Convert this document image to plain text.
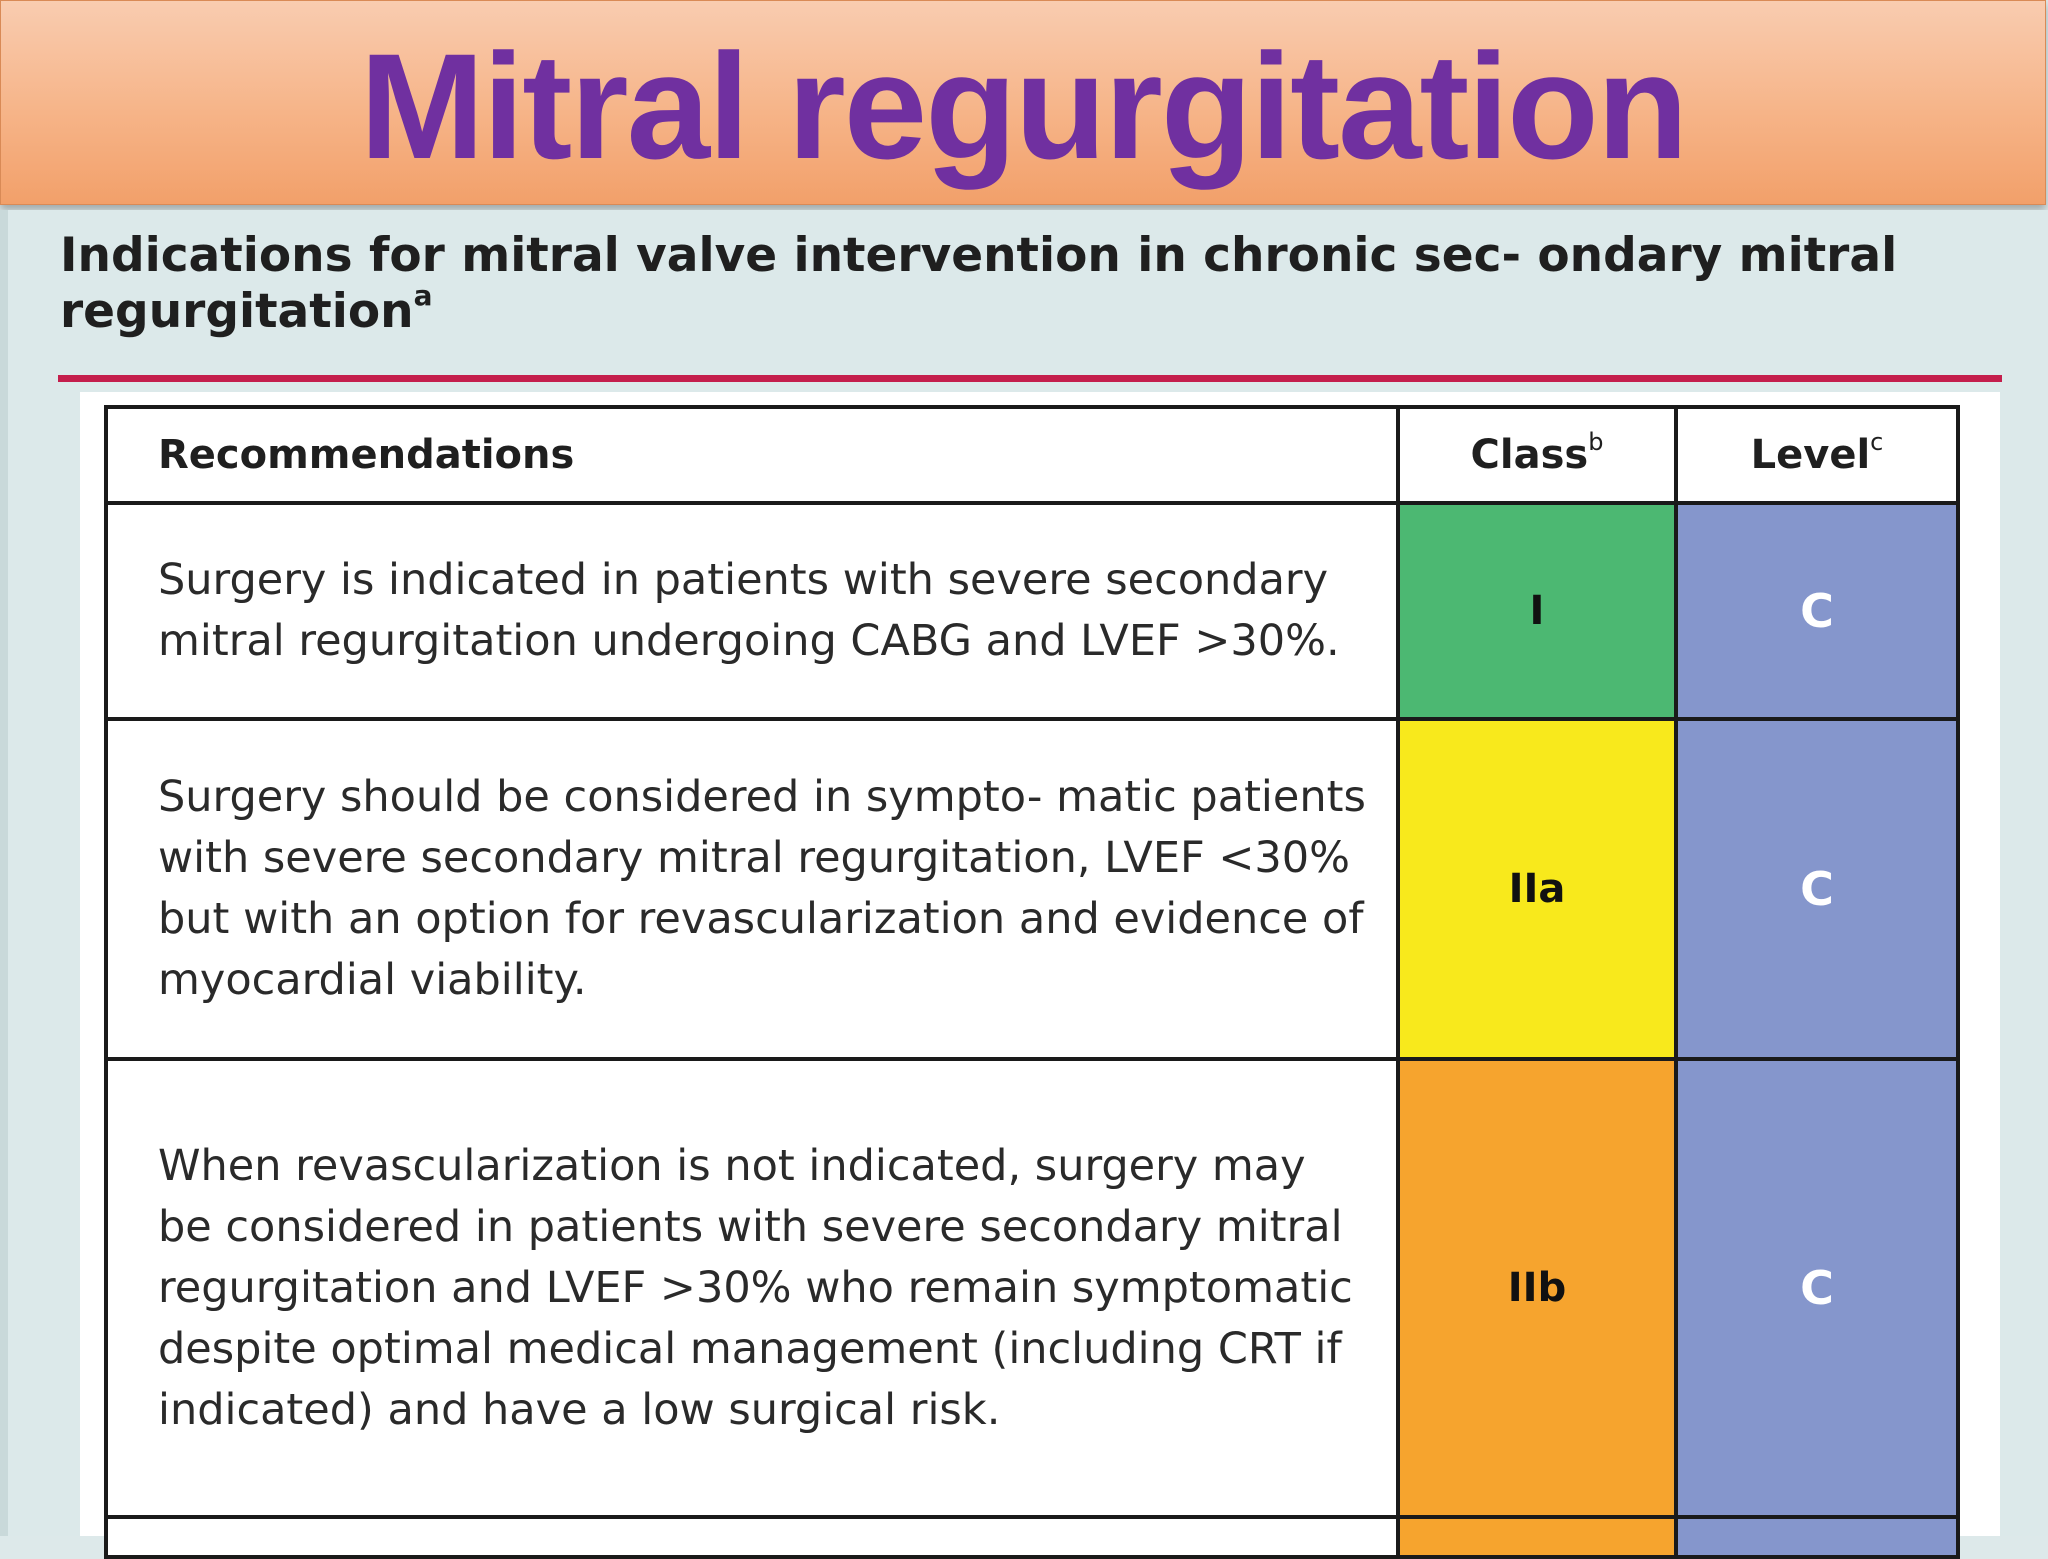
Mitral regurgitation
Indications for mitral valve intervention in chronic sec- ondary mitral regurgitation$^a$
Recommendations	Class$^b$	Level$^c$
Surgery is indicated in patients with severe secondary mitral regurgitation undergoing CABG and LVEF >30%.	I	C
Surgery should be considered in sympto- matic patients with severe secondary mitral regurgitation, LVEF <30% but with an option for revascularization and evidence of myocardial viability.	IIa	C
When revascularization is not indicated, surgery may be considered in patients with severe secondary mitral regurgitation and LVEF >30% who remain symptomatic despite optimal medical management (including CRT if indicated) and have a low surgical risk.	IIb	C
